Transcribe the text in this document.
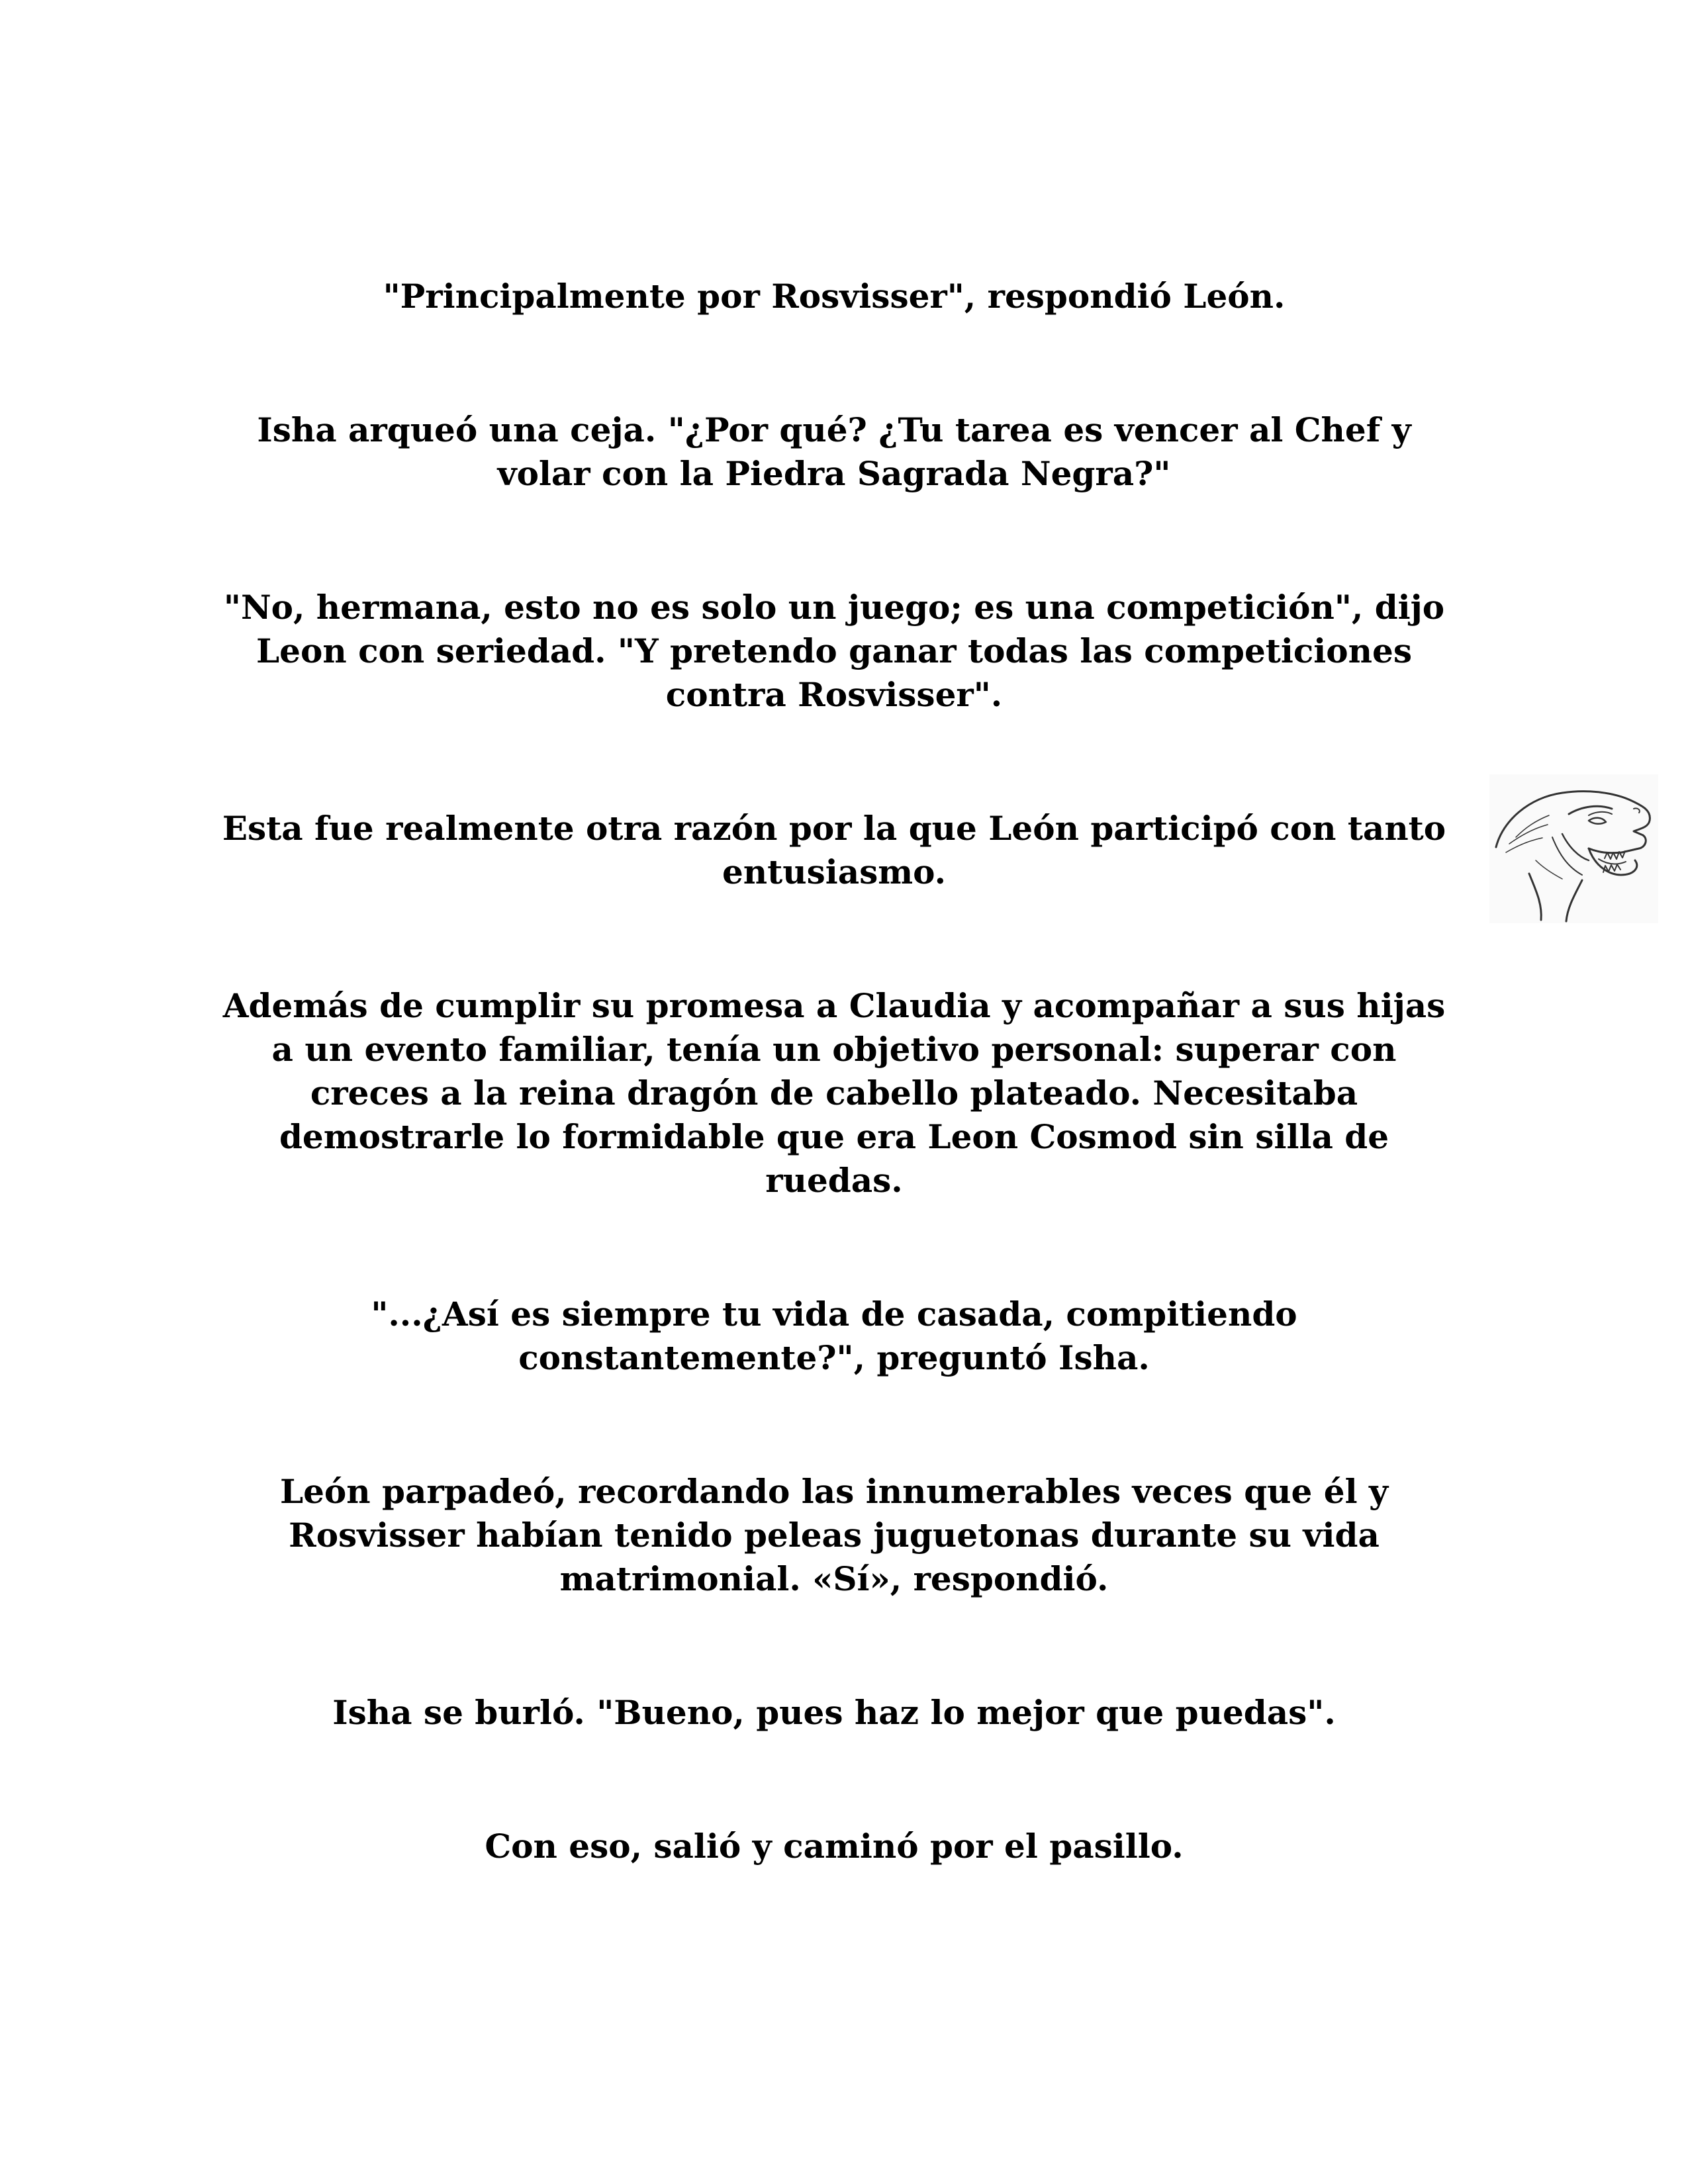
"Principalmente por Rosvisser", respondió León.

Isha arqueó una ceja. "¿Por qué? ¿Tu tarea es vencer al Chef y volar con la Piedra Sagrada Negra?"

"No, hermana, esto no es solo un juego; es una competición", dijo Leon con seriedad. "Y pretendo ganar todas las competiciones contra Rosvisser".

Esta fue realmente otra razón por la que León participó con tanto entusiasmo.

Además de cumplir su promesa a Claudia y acompañar a sus hijas a un evento familiar, tenía un objetivo personal: superar con creces a la reina dragón de cabello plateado. Necesitaba demostrarle lo formidable que era Leon Cosmod sin silla de ruedas.

"...¿Así es siempre tu vida de casada, compitiendo constantemente?", preguntó Isha.

León parpadeó, recordando las innumerables veces que él y Rosvisser habían tenido peleas juguetonas durante su vida matrimonial. «Sí», respondió.

Isha se burló. "Bueno, pues haz lo mejor que puedas".

Con eso, salió y caminó por el pasillo.
